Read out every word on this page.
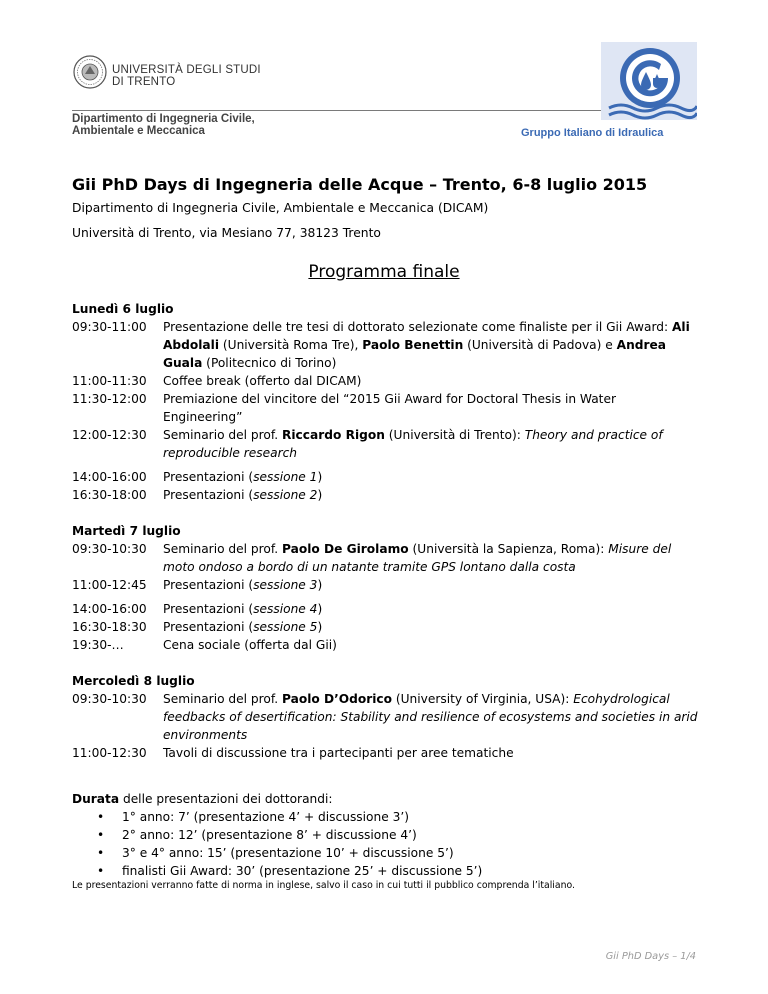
UNIVERSITÀ DEGLI STUDI
DI TRENTO
Dipartimento di Ingegneria Civile,
Ambientale e Meccanica	Gruppo Italiano di Idraulica
Gii PhD Days di Ingegneria delle Acque – Trento, 6-8 luglio 2015
Dipartimento di Ingegneria Civile, Ambientale e Meccanica (DICAM)
Università di Trento, via Mesiano 77, 38123 Trento
Programma finale
Lunedì 6 luglio
09:30-11:00	Presentazione delle tre tesi di dottorato selezionate come finaliste per il Gii Award: Ali Abdolali (Università Roma Tre), Paolo Benettin (Università di Padova) e Andrea Guala (Politecnico di Torino)
11:00-11:30	Coffee break (offerto dal DICAM)
11:30-12:00	Premiazione del vincitore del “2015 Gii Award for Doctoral Thesis in Water Engineering”
12:00-12:30	Seminario del prof. Riccardo Rigon (Università di Trento): Theory and practice of reproducible research
14:00-16:00	Presentazioni (sessione 1)
16:30-18:00	Presentazioni (sessione 2)
Martedì 7 luglio
09:30-10:30	Seminario del prof. Paolo De Girolamo (Università la Sapienza, Roma): Misure del moto ondoso a bordo di un natante tramite GPS lontano dalla costa
11:00-12:45	Presentazioni (sessione 3)
14:00-16:00	Presentazioni (sessione 4)
16:30-18:30	Presentazioni (sessione 5)
19:30-…	Cena sociale (offerta dal Gii)
Mercoledì 8 luglio
09:30-10:30	Seminario del prof. Paolo D’Odorico (University of Virginia, USA): Ecohydrological feedbacks of desertification: Stability and resilience of ecosystems and societies in arid environments
11:00-12:30	Tavoli di discussione tra i partecipanti per aree tematiche
Durata delle presentazioni dei dottorandi:
• 1° anno: 7’ (presentazione 4’ + discussione 3’)
• 2° anno: 12’ (presentazione 8’ + discussione 4’)
• 3° e 4° anno: 15’ (presentazione 10’ + discussione 5’)
• finalisti Gii Award: 30’ (presentazione 25’ + discussione 5’)
Le presentazioni verranno fatte di norma in inglese, salvo il caso in cui tutti il pubblico comprenda l’italiano.
Gii PhD Days – 1/4
